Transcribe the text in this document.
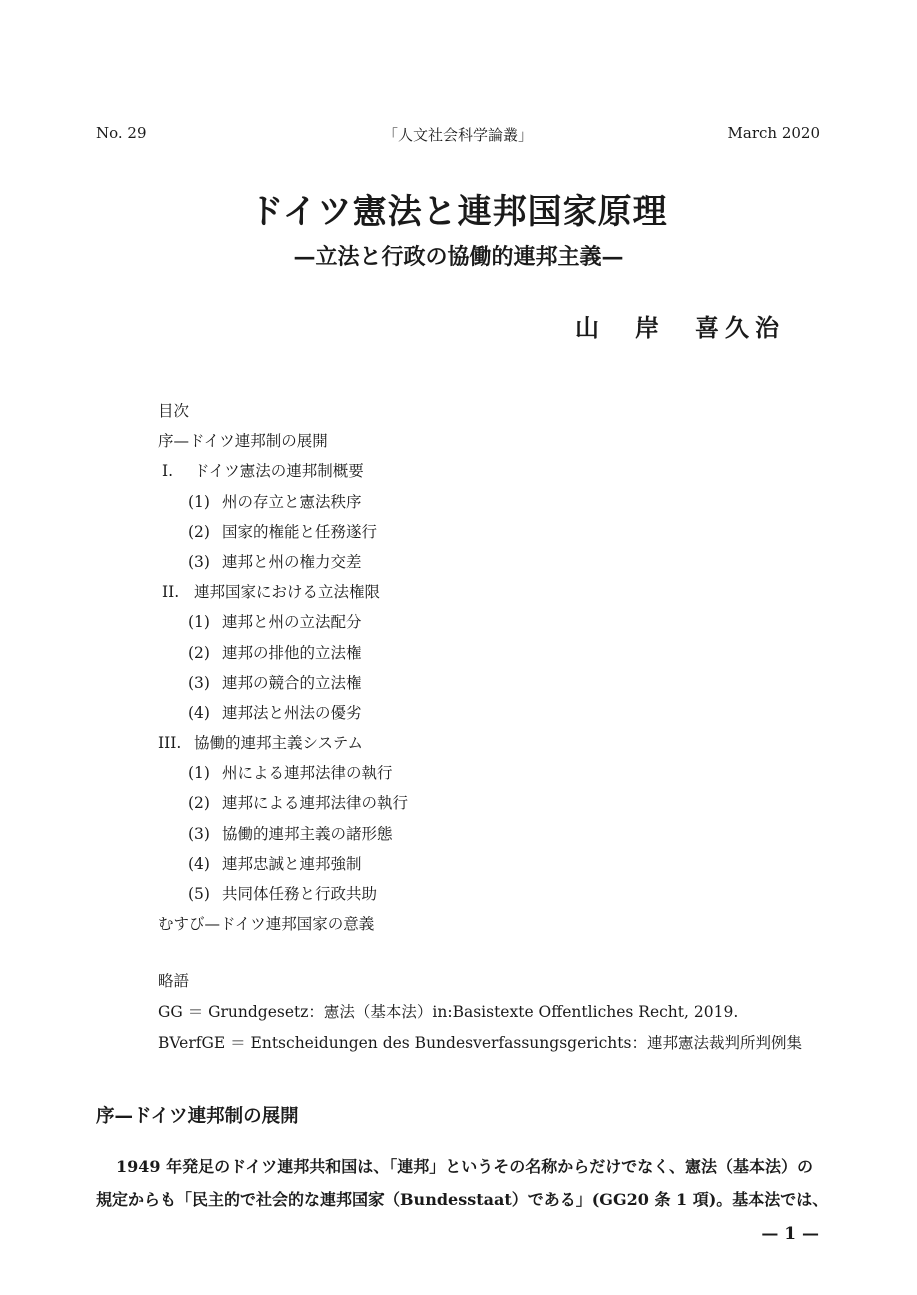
No. 29	「人文社会科学論叢」	March 2020
ドイツ憲法と連邦国家原理
—立法と行政の協働的連邦主義—
山　岸　喜久治
目次
序—ドイツ連邦制の展開
I. ドイツ憲法の連邦制概要
(1) 州の存立と憲法秩序
(2) 国家的権能と任務遂行
(3) 連邦と州の権力交差
II. 連邦国家における立法権限
(1) 連邦と州の立法配分
(2) 連邦の排他的立法権
(3) 連邦の競合的立法権
(4) 連邦法と州法の優劣
III. 協働的連邦主義システム
(1) 州による連邦法律の執行
(2) 連邦による連邦法律の執行
(3) 協働的連邦主義の諸形態
(4) 連邦忠誠と連邦強制
(5) 共同体任務と行政共助
むすび—ドイツ連邦国家の意義
略語
GG ＝ Grundgesetz：憲法（基本法）in:Basistexte Offentliches Recht, 2019.
BVerfGE ＝ Entscheidungen des Bundesverfassungsgerichts：連邦憲法裁判所判例集
序—ドイツ連邦制の展開

1949 年発足のドイツ連邦共和国は、「連邦」というその名称からだけでなく、憲法（基本法）の

規定からも「民主的で社会的な• • • • 連邦国家（Bundesstaat）である」(GG20 条 1 項)。基本法では、

— 1 —
